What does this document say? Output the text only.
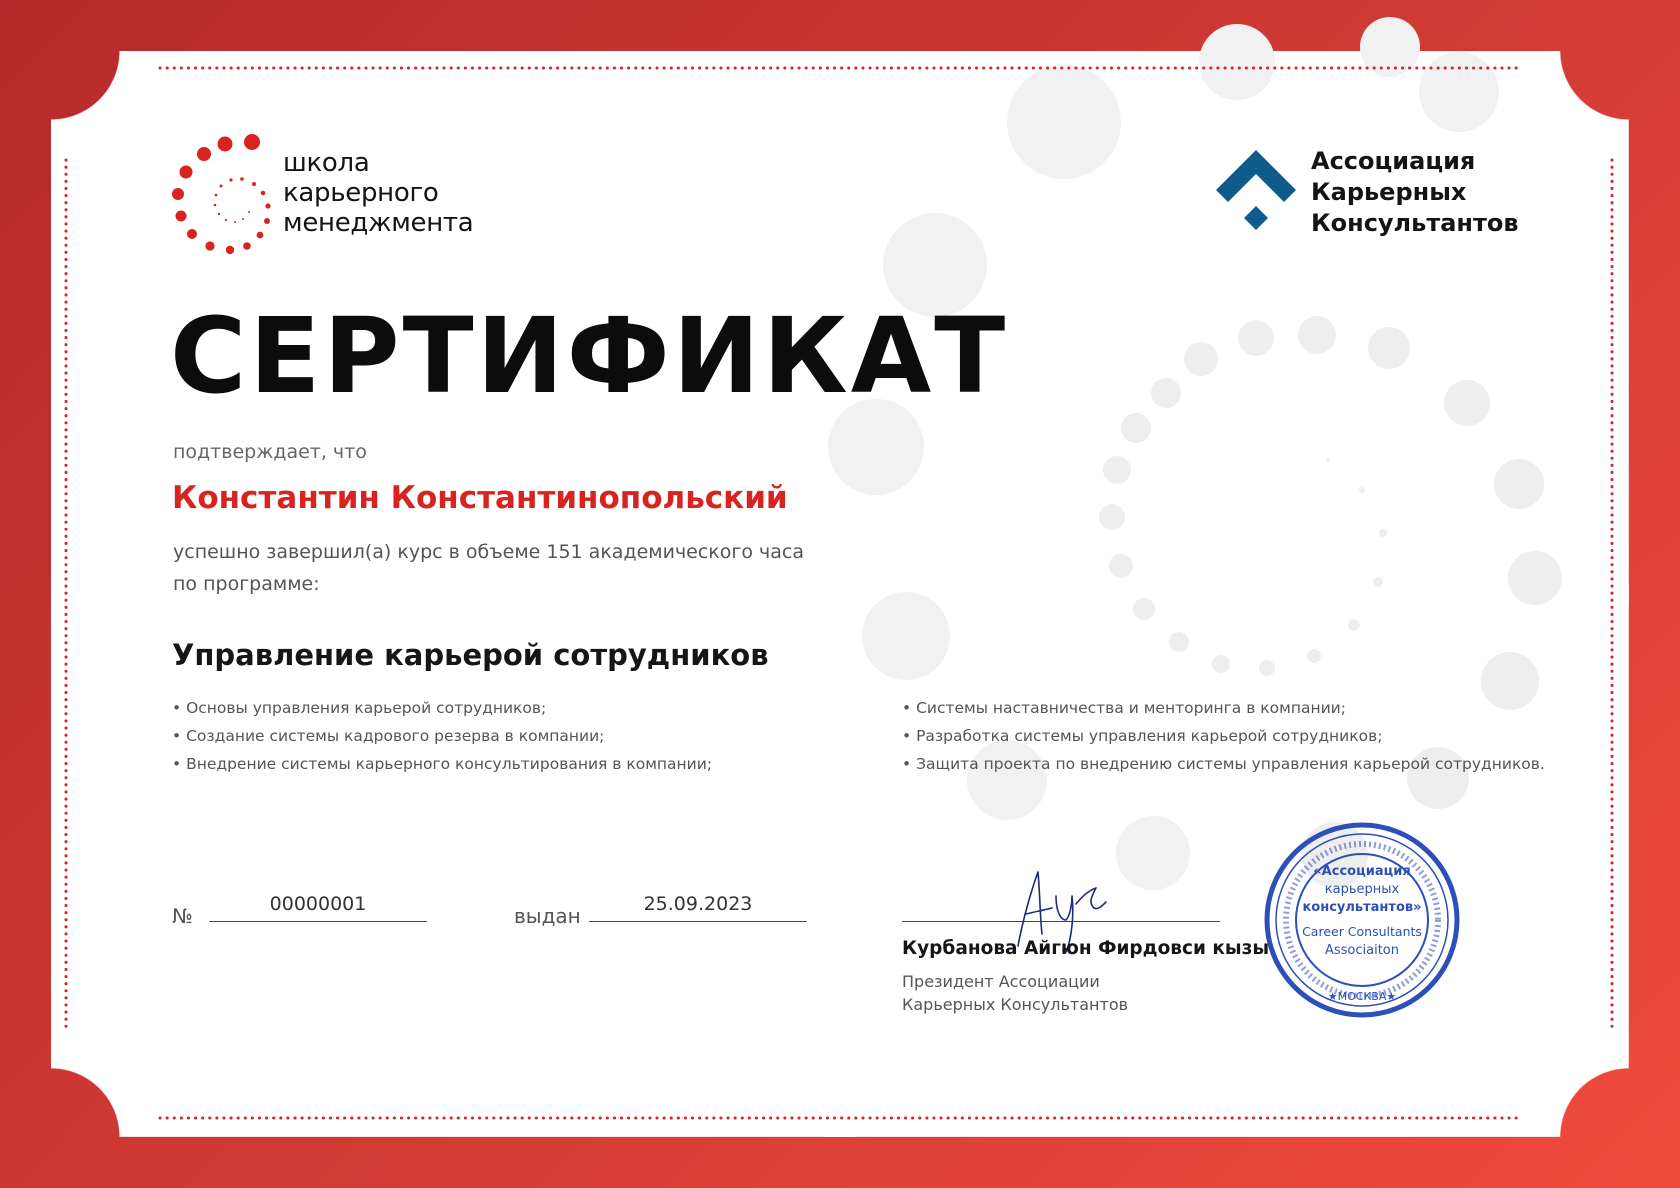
школа
карьерного
менеджмента
Ассоциация
Карьерных
Консультантов
СЕРТИФИКАТ
подтверждает, что
Константин Константинопольский
успешно завершил(а) курс в объеме 151 академического часа
по программе:
Управление карьерой сотрудников
• Основы управления карьерой сотрудников;
• Создание системы кадрового резерва в компании;
• Внедрение системы карьерного консультирования в компании;
• Системы наставничества и менторинга в компании;
• Разработка системы управления карьерой сотрудников;
• Защита проекта по внедрению системы управления карьерой сотрудников.
№	00000001	выдан	25.09.2023
Курбанова Айгюн Фирдовси кызы
Президент Ассоциации
Карьерных Консультантов
«Ассоциация
карьерных
консультантов»
Career Consultants
Associaiton
★МОСКВА★
